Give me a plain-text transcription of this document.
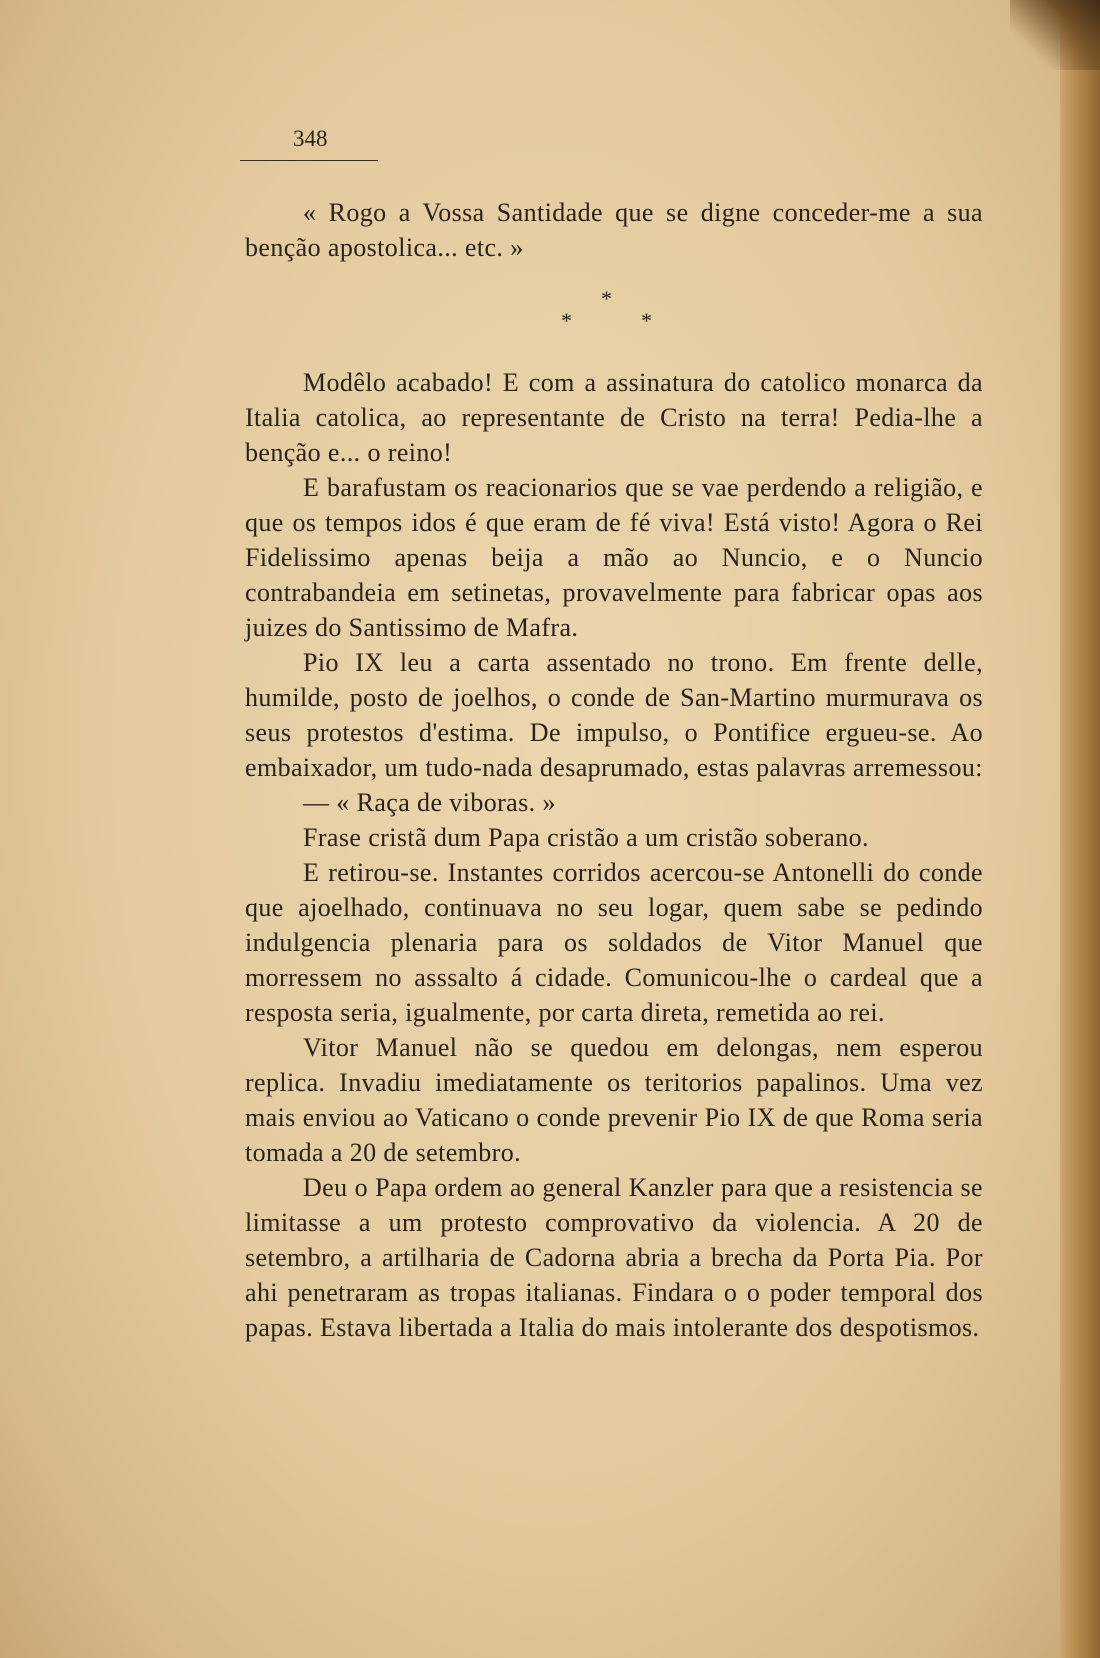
348

« Rogo a Vossa Santidade que se digne conceder-me a sua benção apostolica... etc. »

*
*	*

Modêlo acabado! E com a assinatura do catolico monarca da Italia catolica, ao representante de Cristo na terra! Pedia-lhe a benção e... o reino!

E barafustam os reacionarios que se vae perdendo a religião, e que os tempos idos é que eram de fé viva! Está visto! Agora o Rei Fidelissimo apenas beija a mão ao Nuncio, e o Nuncio contrabandeia em setinetas, provavelmente para fabricar opas aos juizes do Santissimo de Mafra.

Pio IX leu a carta assentado no trono. Em frente delle, humilde, posto de joelhos, o conde de San-Martino murmurava os seus protestos d'estima. De impulso, o Pontifice ergueu-se. Ao embaixador, um tudo-nada desaprumado, estas palavras arremessou:

— « Raça de viboras. »

Frase cristã dum Papa cristão a um cristão soberano.

E retirou-se. Instantes corridos acercou-se Antonelli do conde que ajoelhado, continuava no seu logar, quem sabe se pedindo indulgencia plenaria para os soldados de Vitor Manuel que morressem no asssalto á cidade. Comunicou-lhe o cardeal que a resposta seria, igualmente, por carta direta, remetida ao rei.

Vitor Manuel não se quedou em delongas, nem esperou replica. Invadiu imediatamente os teritorios papalinos. Uma vez mais enviou ao Vaticano o conde prevenir Pio IX de que Roma seria tomada a 20 de setembro.

Deu o Papa ordem ao general Kanzler para que a resistencia se limitasse a um protesto comprovativo da violencia. A 20 de setembro, a artilharia de Cadorna abria a brecha da Porta Pia. Por ahi penetraram as tropas italianas. Findara o o poder temporal dos papas. Estava libertada a Italia do mais intolerante dos despotismos.
